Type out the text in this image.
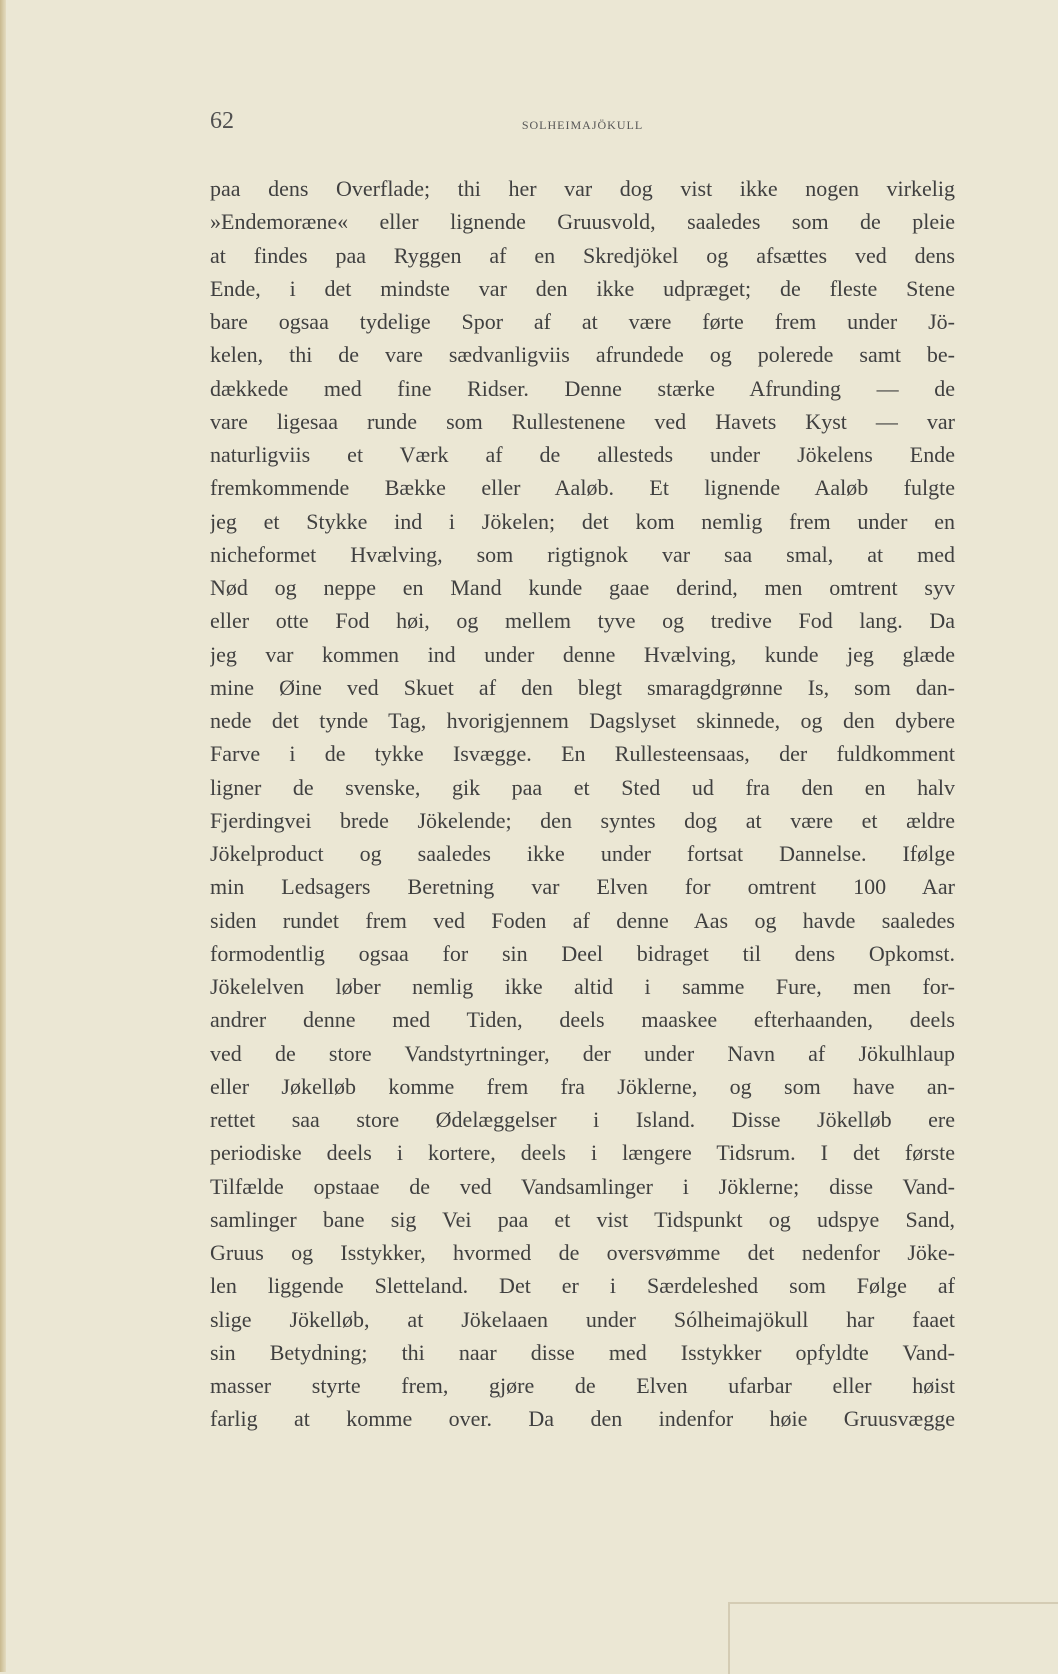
62	SOLHEIMAJÖKULL
paa dens Overflade; thi her var dog vist ikke nogen virkelig
»Endemoræne« eller lignende Gruusvold, saaledes som de pleie
at findes paa Ryggen af en Skredjökel og afsættes ved dens
Ende, i det mindste var den ikke udpræget; de fleste Stene
bare ogsaa tydelige Spor af at være førte frem under Jö-
kelen, thi de vare sædvanligviis afrundede og polerede samt be-
dækkede med fine Ridser. Denne stærke Afrunding — de
vare ligesaa runde som Rullestenene ved Havets Kyst — var
naturligviis et Værk af de allesteds under Jökelens Ende
fremkommende Bække eller Aaløb. Et lignende Aaløb fulgte
jeg et Stykke ind i Jökelen; det kom nemlig frem under en
nicheformet Hvælving, som rigtignok var saa smal, at med
Nød og neppe en Mand kunde gaae derind, men omtrent syv
eller otte Fod høi, og mellem tyve og tredive Fod lang. Da
jeg var kommen ind under denne Hvælving, kunde jeg glæde
mine Øine ved Skuet af den blegt smaragdgrønne Is, som dan-
nede det tynde Tag, hvorigjennem Dagslyset skinnede, og den dybere
Farve i de tykke Isvægge. En Rullesteensaas, der fuldkomment
ligner de svenske, gik paa et Sted ud fra den en halv
Fjerdingvei brede Jökelende; den syntes dog at være et ældre
Jökelproduct og saaledes ikke under fortsat Dannelse. Ifølge
min Ledsagers Beretning var Elven for omtrent 100 Aar
siden rundet frem ved Foden af denne Aas og havde saaledes
formodentlig ogsaa for sin Deel bidraget til dens Opkomst.
Jökelelven løber nemlig ikke altid i samme Fure, men for-
andrer denne med Tiden, deels maaskee efterhaanden, deels
ved de store Vandstyrtninger, der under Navn af Jökulhlaup
eller Jøkelløb komme frem fra Jöklerne, og som have an-
rettet saa store Ødelæggelser i Island. Disse Jökelløb ere
periodiske deels i kortere, deels i længere Tidsrum. I det første
Tilfælde opstaae de ved Vandsamlinger i Jöklerne; disse Vand-
samlinger bane sig Vei paa et vist Tidspunkt og udspye Sand,
Gruus og Isstykker, hvormed de oversvømme det nedenfor Jöke-
len liggende Sletteland. Det er i Særdeleshed som Følge af
slige Jökelløb, at Jökelaaen under Sólheimajökull har faaet
sin Betydning; thi naar disse med Isstykker opfyldte Vand-
masser styrte frem, gjøre de Elven ufarbar eller høist
farlig at komme over. Da den indenfor høie Gruusvægge
